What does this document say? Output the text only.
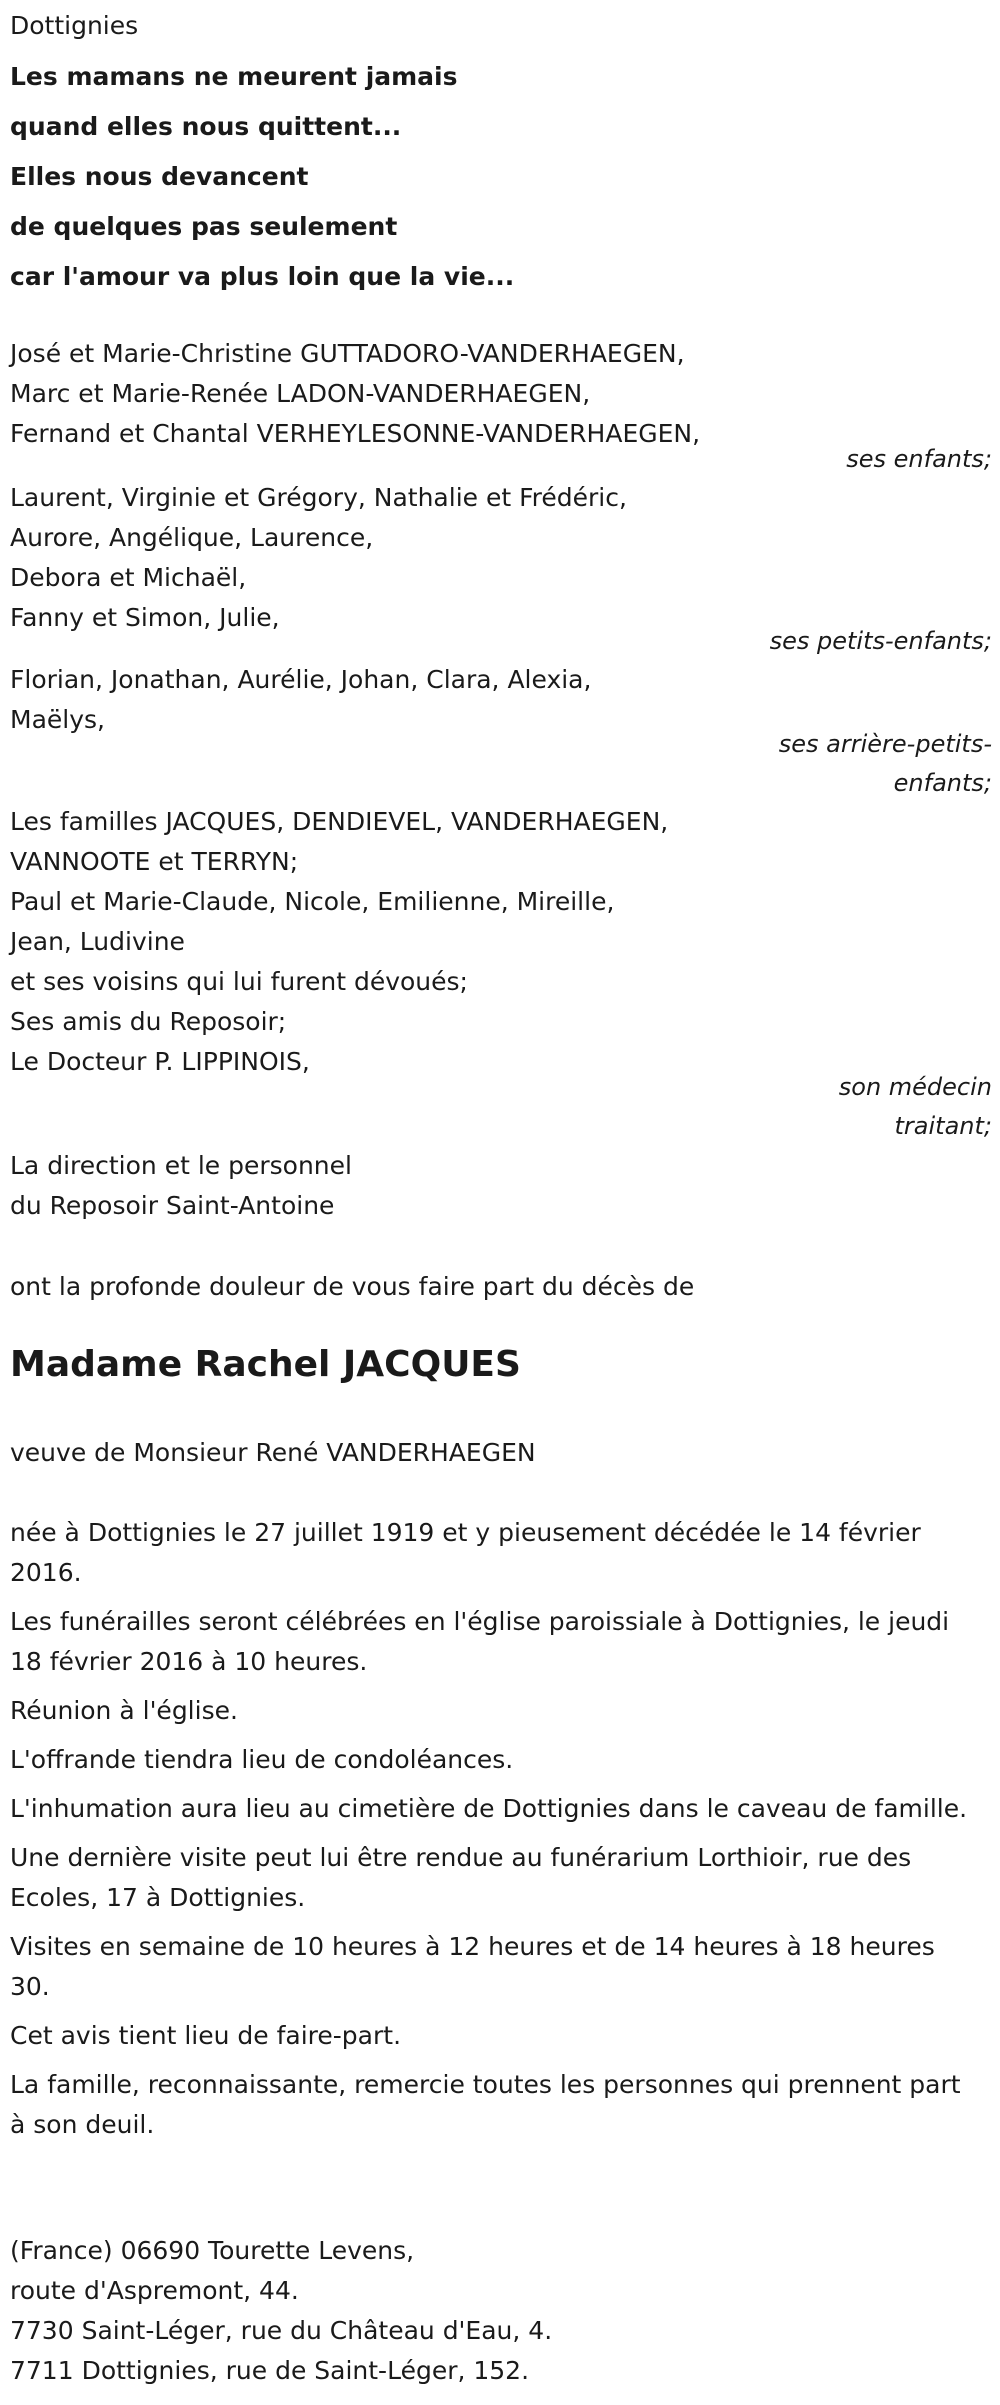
Dottignies
Les mamans ne meurent jamais
quand elles nous quittent...
Elles nous devancent
de quelques pas seulement
car l'amour va plus loin que la vie...
José et Marie-Christine GUTTADORO-VANDERHAEGEN,
Marc et Marie-Renée LADON-VANDERHAEGEN,
Fernand et Chantal VERHEYLESONNE-VANDERHAEGEN,
ses enfants;
Laurent, Virginie et Grégory, Nathalie et Frédéric,
Aurore, Angélique, Laurence,
Debora et Michaël,
Fanny et Simon, Julie,
ses petits-enfants;
Florian, Jonathan, Aurélie, Johan, Clara, Alexia,
Maëlys,
ses arrière-petits-
enfants;
Les familles JACQUES, DENDIEVEL, VANDERHAEGEN,
VANNOOTE et TERRYN;
Paul et Marie-Claude, Nicole, Emilienne, Mireille,
Jean, Ludivine
et ses voisins qui lui furent dévoués;
Ses amis du Reposoir;
Le Docteur P. LIPPINOIS,
son médecin
traitant;
La direction et le personnel
du Reposoir Saint-Antoine
ont la profonde douleur de vous faire part du décès de
Madame Rachel JACQUES
veuve de Monsieur René VANDERHAEGEN

née à Dottignies le 27 juillet 1919 et y pieusement décédée le 14 février 2016.

Les funérailles seront célébrées en l'église paroissiale à Dottignies, le jeudi 18 février 2016 à 10 heures.

Réunion à l'église.

L'offrande tiendra lieu de condoléances.

L'inhumation aura lieu au cimetière de Dottignies dans le caveau de famille.

Une dernière visite peut lui être rendue au funérarium Lorthioir, rue des Ecoles, 17 à Dottignies.

Visites en semaine de 10 heures à 12 heures et de 14 heures à 18 heures 30.

Cet avis tient lieu de faire-part.

La famille, reconnaissante, remercie toutes les personnes qui prennent part à son deuil.

(France) 06690 Tourette Levens,
route d'Aspremont, 44.
7730 Saint-Léger, rue du Château d'Eau, 4.
7711 Dottignies, rue de Saint-Léger, 152.
